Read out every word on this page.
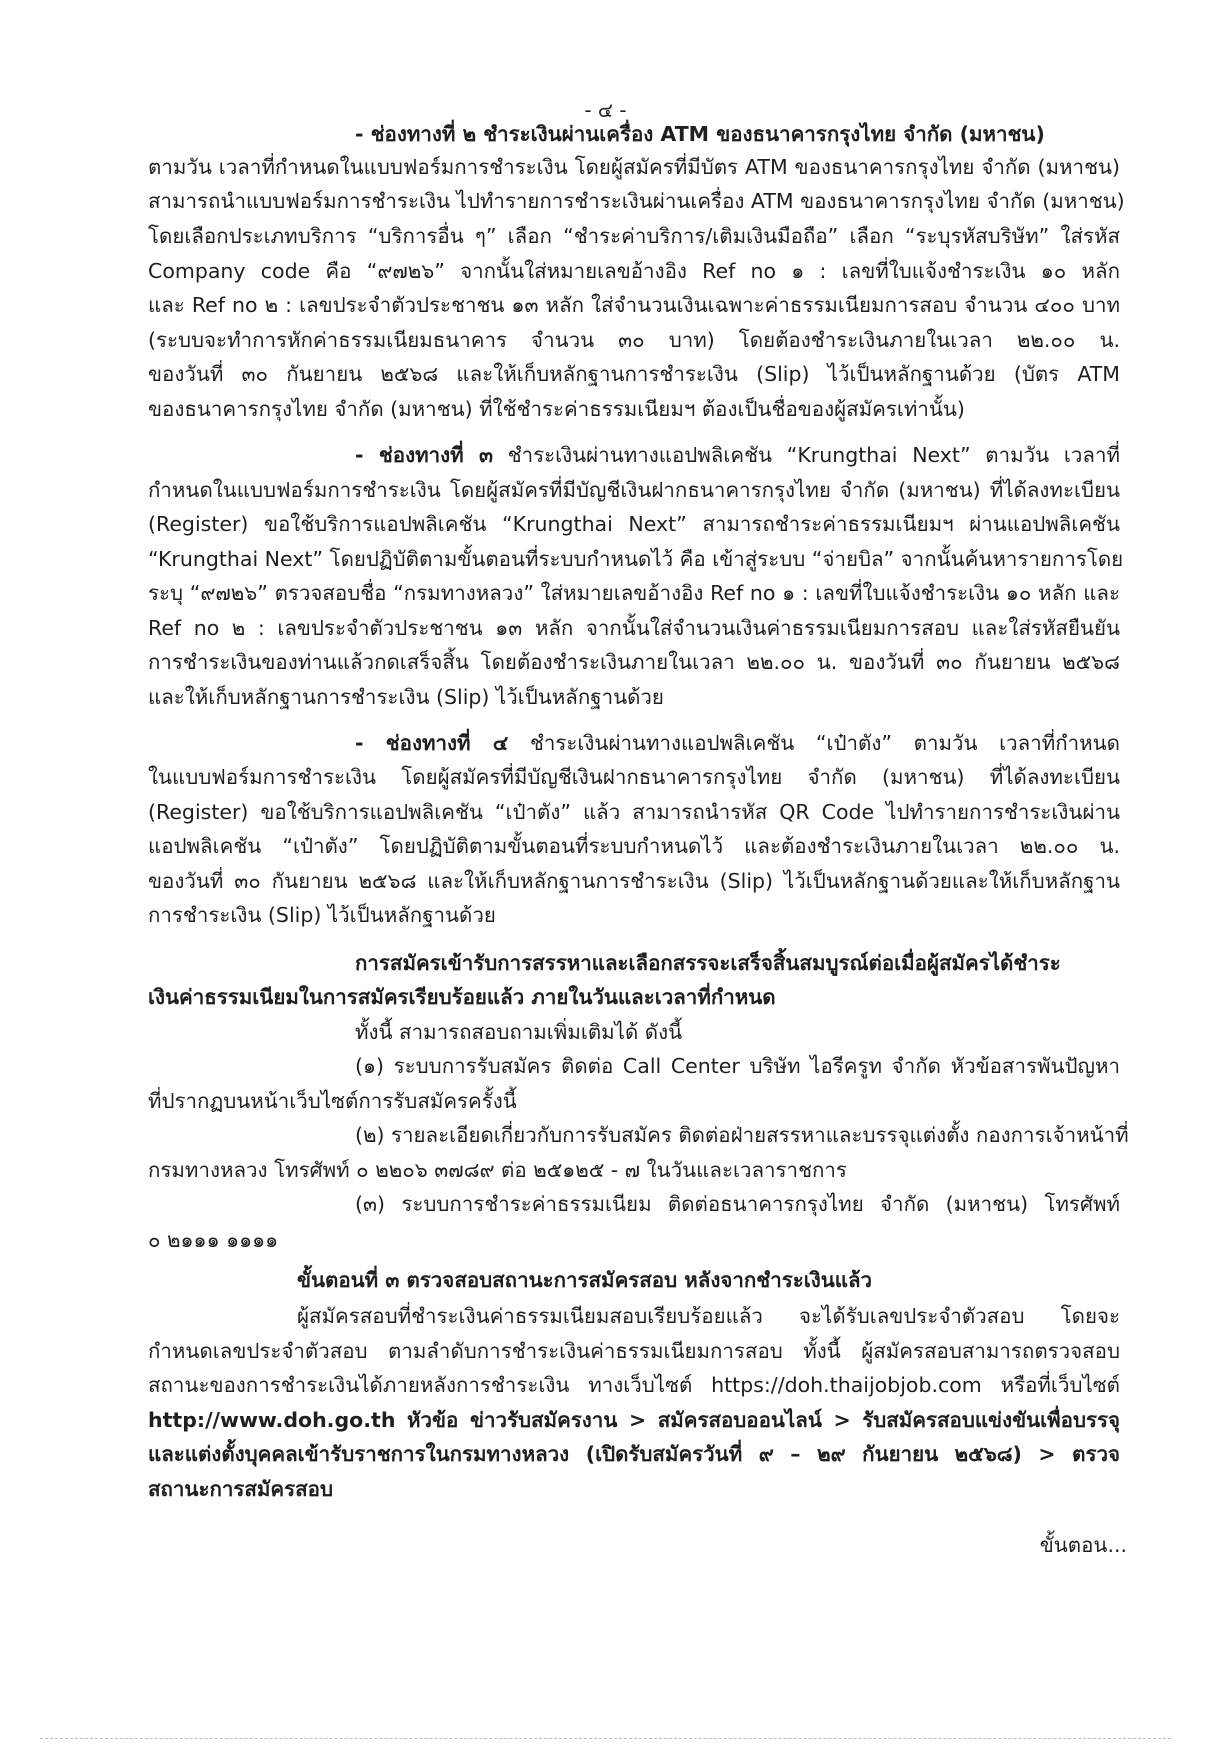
- ๔ -
- ช่องทางที่ ๒ ชำระเงินผ่านเครื่อง ATM ของธนาคารกรุงไทย จำกัด (มหาชน)
ตามวัน เวลาที่กำหนดในแบบฟอร์มการชำระเงิน โดยผู้สมัครที่มีบัตร ATM ของธนาคารกรุงไทย จำกัด (มหาชน)
สามารถนำแบบฟอร์มการชำระเงิน ไปทำรายการชำระเงินผ่านเครื่อง ATM ของธนาคารกรุงไทย จำกัด (มหาชน)
โดยเลือกประเภทบริการ “บริการอื่น ๆ” เลือก “ชำระค่าบริการ/เติมเงินมือถือ” เลือก “ระบุรหัสบริษัท” ใส่รหัส
Company code คือ “๙๗๒๖” จากนั้นใส่หมายเลขอ้างอิง Ref no ๑ : เลขที่ใบแจ้งชำระเงิน ๑๐ หลัก
และ Ref no ๒ : เลขประจำตัวประชาชน ๑๓ หลัก ใส่จำนวนเงินเฉพาะค่าธรรมเนียมการสอบ จำนวน ๔๐๐ บาท
(ระบบจะทำการหักค่าธรรมเนียมธนาคาร จำนวน ๓๐ บาท) โดยต้องชำระเงินภายในเวลา ๒๒.๐๐ น.
ของวันที่ ๓๐ กันยายน ๒๕๖๘ และให้เก็บหลักฐานการชำระเงิน (Slip) ไว้เป็นหลักฐานด้วย (บัตร ATM
ของธนาคารกรุงไทย จำกัด (มหาชน) ที่ใช้ชำระค่าธรรมเนียมฯ ต้องเป็นชื่อของผู้สมัครเท่านั้น)
- ช่องทางที่ ๓ ชำระเงินผ่านทางแอปพลิเคชัน “Krungthai Next” ตามวัน เวลาที่
กำหนดในแบบฟอร์มการชำระเงิน โดยผู้สมัครที่มีบัญชีเงินฝากธนาคารกรุงไทย จำกัด (มหาชน) ที่ได้ลงทะเบียน
(Register) ขอใช้บริการแอปพลิเคชัน “Krungthai Next” สามารถชำระค่าธรรมเนียมฯ ผ่านแอปพลิเคชัน
“Krungthai Next” โดยปฏิบัติตามขั้นตอนที่ระบบกำหนดไว้ คือ เข้าสู่ระบบ “จ่ายบิล” จากนั้นค้นหารายการโดย
ระบุ “๙๗๒๖” ตรวจสอบชื่อ “กรมทางหลวง” ใส่หมายเลขอ้างอิง Ref no ๑ : เลขที่ใบแจ้งชำระเงิน ๑๐ หลัก และ
Ref no ๒ : เลขประจำตัวประชาชน ๑๓ หลัก จากนั้นใส่จำนวนเงินค่าธรรมเนียมการสอบ และใส่รหัสยืนยัน
การชำระเงินของท่านแล้วกดเสร็จสิ้น โดยต้องชำระเงินภายในเวลา ๒๒.๐๐ น. ของวันที่ ๓๐ กันยายน ๒๕๖๘
และให้เก็บหลักฐานการชำระเงิน (Slip) ไว้เป็นหลักฐานด้วย
- ช่องทางที่ ๔ ชำระเงินผ่านทางแอปพลิเคชัน “เป๋าตัง” ตามวัน เวลาที่กำหนด
ในแบบฟอร์มการชำระเงิน โดยผู้สมัครที่มีบัญชีเงินฝากธนาคารกรุงไทย จำกัด (มหาชน) ที่ได้ลงทะเบียน
(Register) ขอใช้บริการแอปพลิเคชัน “เป๋าตัง” แล้ว สามารถนำรหัส QR Code ไปทำรายการชำระเงินผ่าน
แอปพลิเคชัน “เป๋าตัง” โดยปฏิบัติตามขั้นตอนที่ระบบกำหนดไว้ และต้องชำระเงินภายในเวลา ๒๒.๐๐ น.
ของวันที่ ๓๐ กันยายน ๒๕๖๘ และให้เก็บหลักฐานการชำระเงิน (Slip) ไว้เป็นหลักฐานด้วยและให้เก็บหลักฐาน
การชำระเงิน (Slip) ไว้เป็นหลักฐานด้วย
การสมัครเข้ารับการสรรหาและเลือกสรรจะเสร็จสิ้นสมบูรณ์ต่อเมื่อผู้สมัครได้ชำระ
เงินค่าธรรมเนียมในการสมัครเรียบร้อยแล้ว ภายในวันและเวลาที่กำหนด
ทั้งนี้ สามารถสอบถามเพิ่มเติมได้ ดังนี้
(๑) ระบบการรับสมัคร ติดต่อ Call Center บริษัท ไอรีครูท จำกัด หัวข้อสารพันปัญหา
ที่ปรากฏบนหน้าเว็บไซต์การรับสมัครครั้งนี้
(๒) รายละเอียดเกี่ยวกับการรับสมัคร ติดต่อฝ่ายสรรหาและบรรจุแต่งตั้ง กองการเจ้าหน้าที่
กรมทางหลวง โทรศัพท์ ๐ ๒๒๐๖ ๓๗๘๙ ต่อ ๒๕๑๒๕ - ๗ ในวันและเวลาราชการ
(๓) ระบบการชำระค่าธรรมเนียม ติดต่อธนาคารกรุงไทย จำกัด (มหาชน) โทรศัพท์
๐ ๒๑๑๑ ๑๑๑๑
ขั้นตอนที่ ๓ ตรวจสอบสถานะการสมัครสอบ หลังจากชำระเงินแล้ว
ผู้สมัครสอบที่ชำระเงินค่าธรรมเนียมสอบเรียบร้อยแล้ว จะได้รับเลขประจำตัวสอบ โดยจะ
กำหนดเลขประจำตัวสอบ ตามลำดับการชำระเงินค่าธรรมเนียมการสอบ ทั้งนี้ ผู้สมัครสอบสามารถตรวจสอบ
สถานะของการชำระเงินได้ภายหลังการชำระเงิน ทางเว็บไซต์ https://doh.thaijobjob.com หรือที่เว็บไซต์
http://www.doh.go.th หัวข้อ ข่าวรับสมัครงาน > สมัครสอบออนไลน์ > รับสมัครสอบแข่งขันเพื่อบรรจุ
และแต่งตั้งบุคคลเข้ารับราชการในกรมทางหลวง (เปิดรับสมัครวันที่ ๙ – ๒๙ กันยายน ๒๕๖๘) > ตรวจ
สถานะการสมัครสอบ
ขั้นตอน...
